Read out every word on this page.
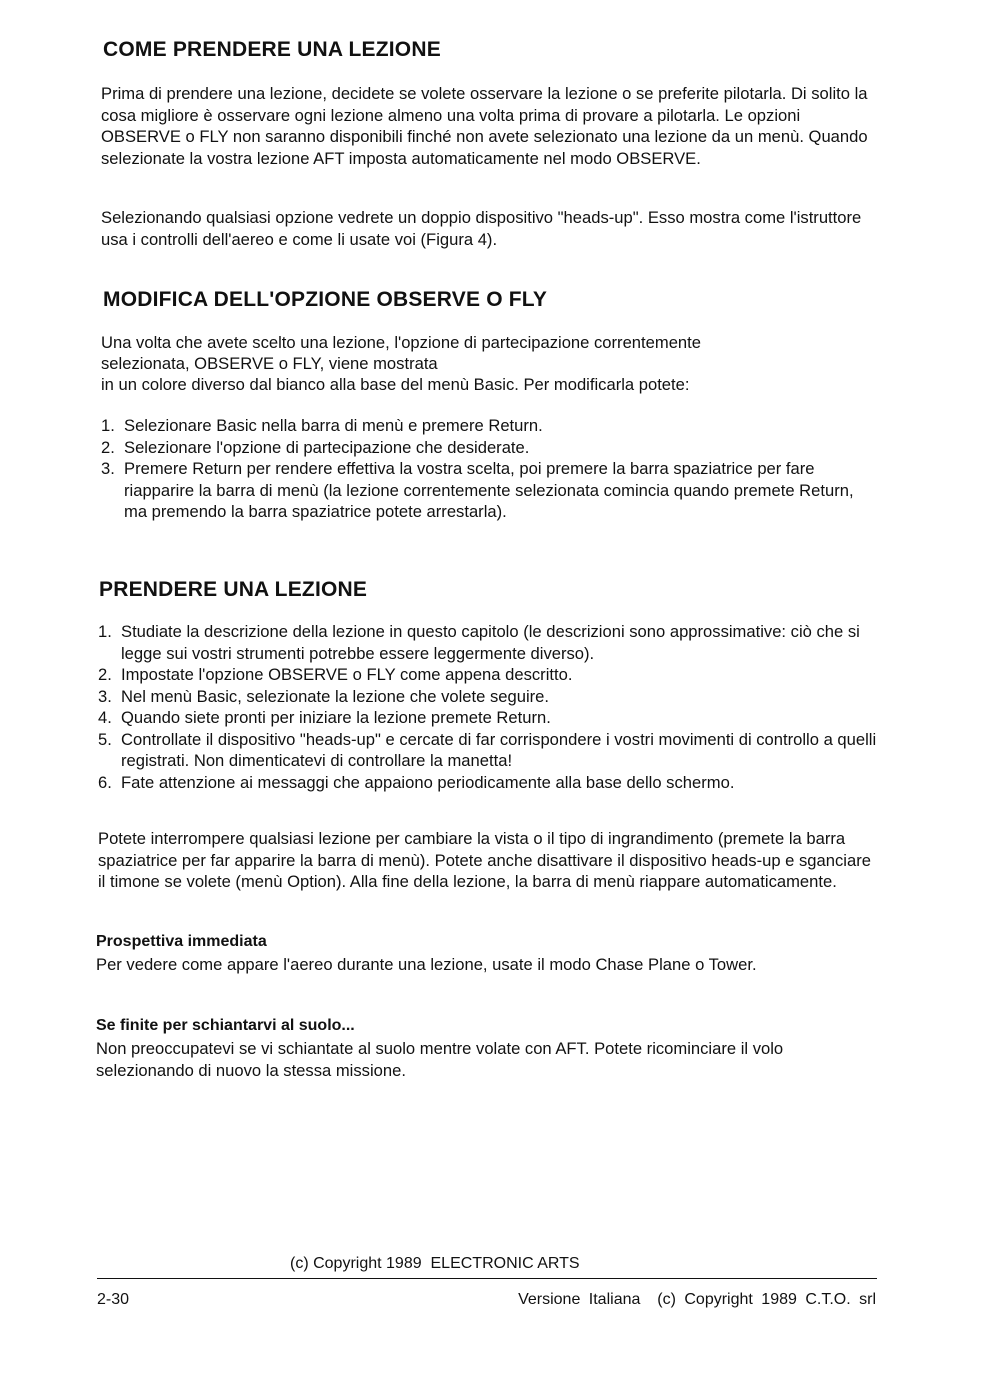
COME PRENDERE UNA LEZIONE

Prima di prendere una lezione, decidete se volete osservare la lezione o se preferite pilotarla. Di solito la cosa migliore è osservare ogni lezione almeno una volta prima di provare a pilotarla. Le opzioni OBSERVE o FLY non saranno disponibili finché non avete selezionato una lezione da un menù. Quando selezionate la vostra lezione AFT imposta automaticamente nel modo OBSERVE.

Selezionando qualsiasi opzione vedrete un doppio dispositivo "heads-up". Esso mostra come l'istruttore usa i controlli dell'aereo e come li usate voi (Figura 4).

MODIFICA DELL'OPZIONE OBSERVE O FLY

Una volta che avete scelto una lezione, l'opzione di partecipazione correntemente

selezionata, OBSERVE o FLY, viene mostrata

in un colore diverso dal bianco alla base del menù Basic. Per modificarla potete:

1. Selezionare Basic nella barra di menù e premere Return.
2. Selezionare l'opzione di partecipazione che desiderate.
3. Premere Return per rendere effettiva la vostra scelta, poi premere la barra spaziatrice per fare riapparire la barra di menù (la lezione correntemente selezionata comincia quando premete Return, ma premendo la barra spaziatrice potete arrestarla).
PRENDERE UNA LEZIONE
1. Studiate la descrizione della lezione in questo capitolo (le descrizioni sono approssimative: ciò che si legge sui vostri strumenti potrebbe essere leggermente diverso).
2. Impostate l'opzione OBSERVE o FLY come appena descritto.
3. Nel menù Basic, selezionate la lezione che volete seguire.
4. Quando siete pronti per iniziare la lezione premete Return.
5. Controllate il dispositivo "heads-up" e cercate di far corrispondere i vostri movimenti di controllo a quelli registrati. Non dimenticatevi di controllare la manetta!
6. Fate attenzione ai messaggi che appaiono periodicamente alla base dello schermo.

Potete interrompere qualsiasi lezione per cambiare la vista o il tipo di ingrandimento (premete la barra spaziatrice per far apparire la barra di menù). Potete anche disattivare il dispositivo heads-up e sganciare il timone se volete (menù Option). Alla fine della lezione, la barra di menù riappare automaticamente.

Prospettiva immediata

Per vedere come appare l'aereo durante una lezione, usate il modo Chase Plane o Tower.

Se finite per schiantarvi al suolo...

Non preoccupatevi se vi schiantate al suolo mentre volate con AFT. Potete ricominciare il volo selezionando di nuovo la stessa missione.

(c) Copyright 1989  ELECTRONIC ARTS

2-30	Versione Italiana  (c) Copyright 1989 C.T.O. srl
